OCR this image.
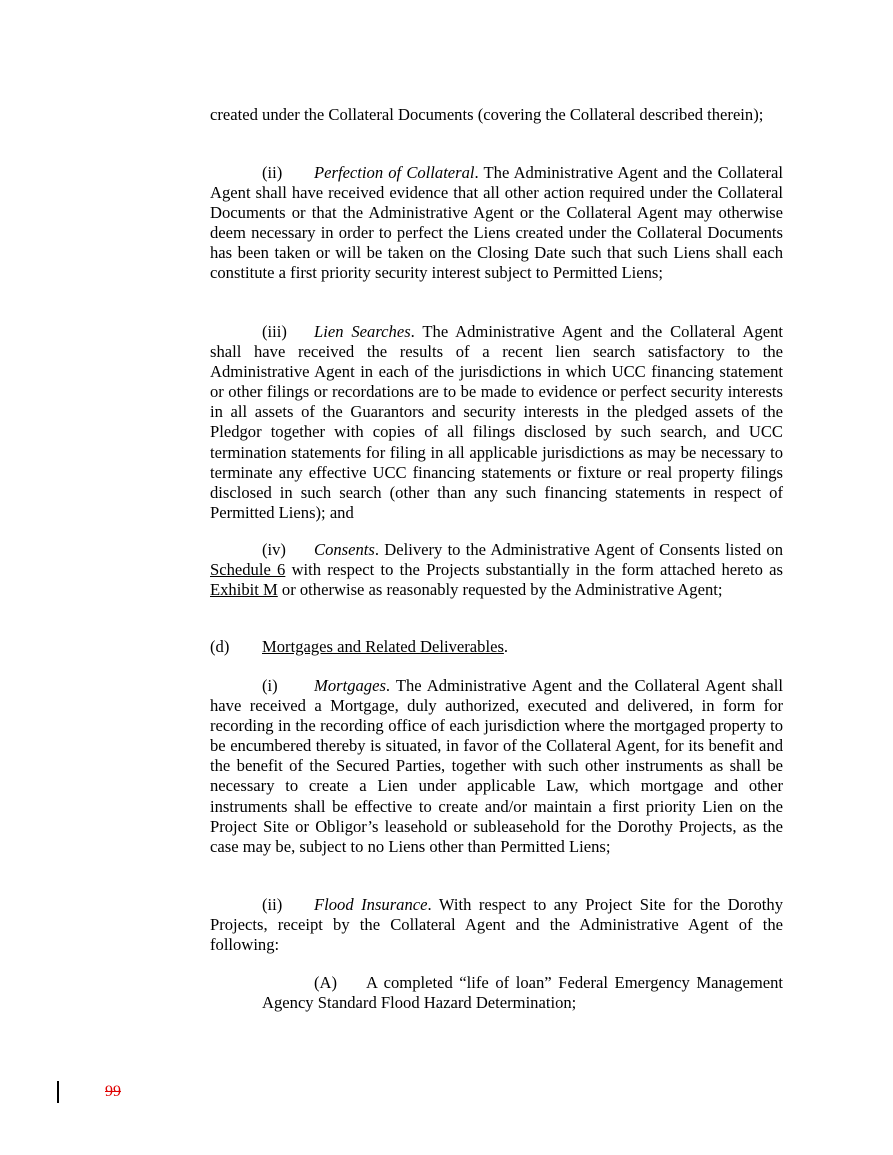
created under the Collateral Documents (covering the Collateral described therein);

(ii) Perfection of Collateral. The Administrative Agent and the Collateral Agent shall have received evidence that all other action required under the Collateral Documents or that the Administrative Agent or the Collateral Agent may otherwise deem necessary in order to perfect the Liens created under the Collateral Documents has been taken or will be taken on the Closing Date such that such Liens shall each constitute a first priority security interest subject to Permitted Liens;

(iii) Lien Searches. The Administrative Agent and the Collateral Agent shall have received the results of a recent lien search satisfactory to the Administrative Agent in each of the jurisdictions in which UCC financing statement or other filings or recordations are to be made to evidence or perfect security interests in all assets of the Guarantors and security interests in the pledged assets of the Pledgor together with copies of all filings disclosed by such search, and UCC termination statements for filing in all applicable jurisdictions as may be necessary to terminate any effective UCC financing statements or fixture or real property filings disclosed in such search (other than any such financing statements in respect of Permitted Liens); and

(iv) Consents. Delivery to the Administrative Agent of Consents listed on Schedule 6 with respect to the Projects substantially in the form attached hereto as Exhibit M or otherwise as reasonably requested by the Administrative Agent;

(d) Mortgages and Related Deliverables.

(i) Mortgages. The Administrative Agent and the Collateral Agent shall have received a Mortgage, duly authorized, executed and delivered, in form for recording in the recording office of each jurisdiction where the mortgaged property to be encumbered thereby is situated, in favor of the Collateral Agent, for its benefit and the benefit of the Secured Parties, together with such other instruments as shall be necessary to create a Lien under applicable Law, which mortgage and other instruments shall be effective to create and/or maintain a first priority Lien on the Project Site or Obligor’s leasehold or subleasehold for the Dorothy Projects, as the case may be, subject to no Liens other than Permitted Liens;

(ii) Flood Insurance. With respect to any Project Site for the Dorothy Projects, receipt by the Collateral Agent and the Administrative Agent of the following:

(A) A completed “life of loan” Federal Emergency Management Agency Standard Flood Hazard Determination;

99
